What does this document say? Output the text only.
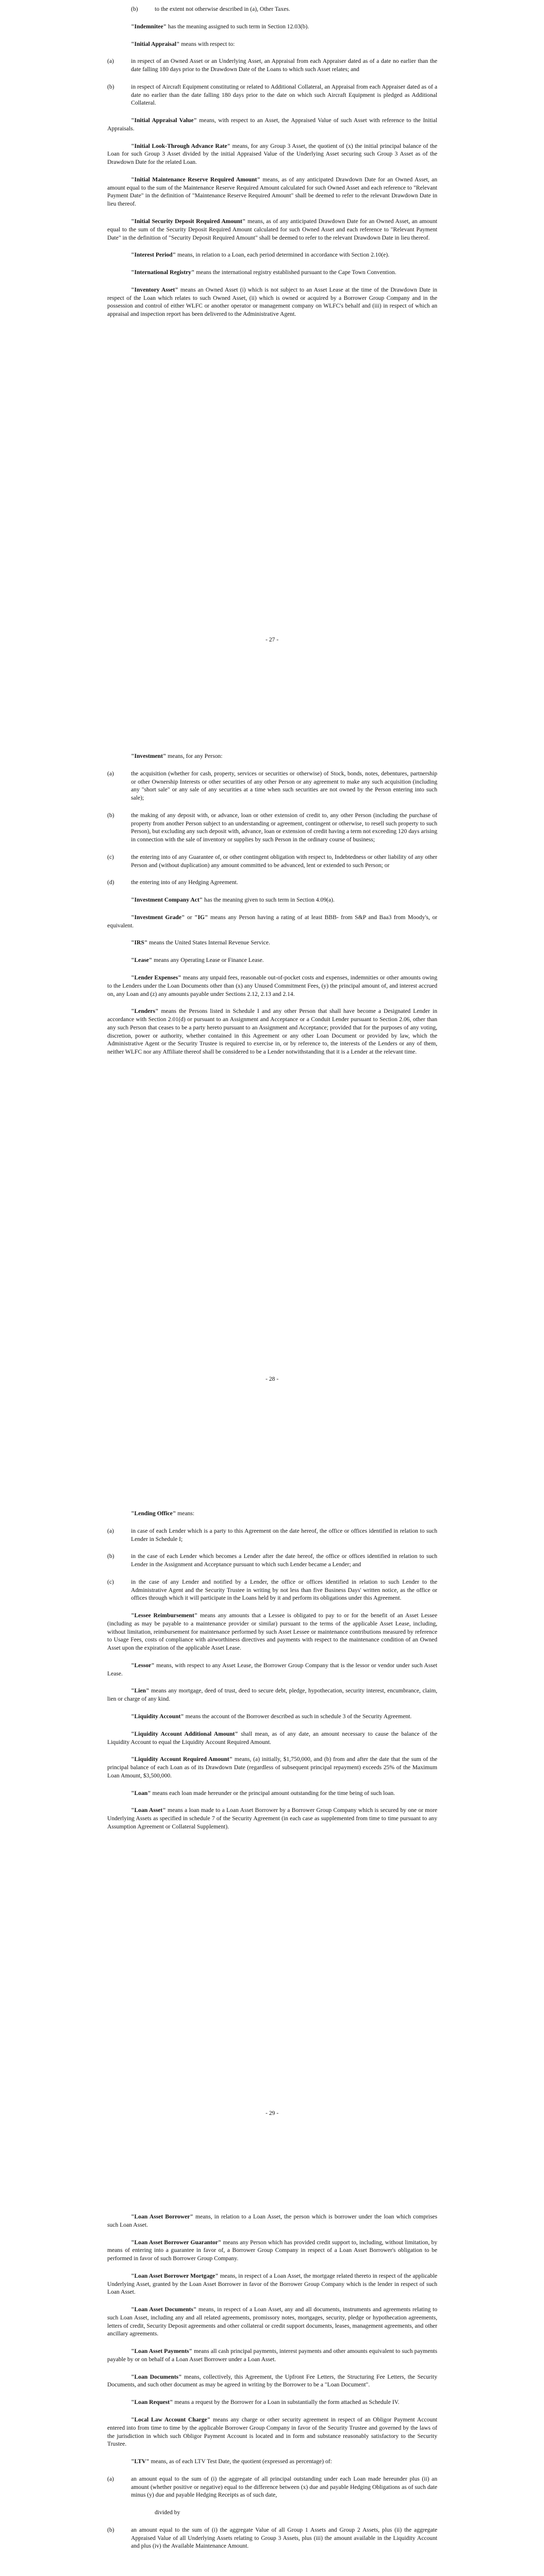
(b)	to the extent not otherwise described in (a), Other Taxes.

"Indemnitee" has the meaning assigned to such term in Section 12.03(b).

"Initial Appraisal" means with respect to:

(a)	in respect of an Owned Asset or an Underlying Asset, an Appraisal from each Appraiser dated as of a date no earlier than the date falling 180 days prior to the Drawdown Date of the Loans to which such Asset relates; and
(b)	in respect of Aircraft Equipment constituting or related to Additional Collateral, an Appraisal from each Appraiser dated as of a date no earlier than the date falling 180 days prior to the date on which such Aircraft Equipment is pledged as Additional Collateral.

"Initial Appraisal Value" means, with respect to an Asset, the Appraised Value of such Asset with reference to the Initial Appraisals.

"Initial Look-Through Advance Rate" means, for any Group 3 Asset, the quotient of (x) the initial principal balance of the Loan for such Group 3 Asset divided by the initial Appraised Value of the Underlying Asset securing such Group 3 Asset as of the Drawdown Date for the related Loan.

"Initial Maintenance Reserve Required Amount" means, as of any anticipated Drawdown Date for an Owned Asset, an amount equal to the sum of the Maintenance Reserve Required Amount calculated for such Owned Asset and each reference to "Relevant Payment Date" in the definition of "Maintenance Reserve Required Amount" shall be deemed to refer to the relevant Drawdown Date in lieu thereof.

"Initial Security Deposit Required Amount" means, as of any anticipated Drawdown Date for an Owned Asset, an amount equal to the sum of the Security Deposit Required Amount calculated for such Owned Asset and each reference to "Relevant Payment Date" in the definition of "Security Deposit Required Amount" shall be deemed to refer to the relevant Drawdown Date in lieu thereof.

"Interest Period" means, in relation to a Loan, each period determined in accordance with Section 2.10(e).

"International Registry" means the international registry established pursuant to the Cape Town Convention.

"Inventory Asset" means an Owned Asset (i) which is not subject to an Asset Lease at the time of the Drawdown Date in respect of the Loan which relates to such Owned Asset, (ii) which is owned or acquired by a Borrower Group Company and in the possession and control of either WLFC or another operator or management company on WLFC's behalf and (iii) in respect of which an appraisal and inspection report has been delivered to the Administrative Agent.

- 27 -

"Investment" means, for any Person:

(a)	the acquisition (whether for cash, property, services or securities or otherwise) of Stock, bonds, notes, debentures, partnership or other Ownership Interests or other securities of any other Person or any agreement to make any such acquisition (including any "short sale" or any sale of any securities at a time when such securities are not owned by the Person entering into such sale);
(b)	the making of any deposit with, or advance, loan or other extension of credit to, any other Person (including the purchase of property from another Person subject to an understanding or agreement, contingent or otherwise, to resell such property to such Person), but excluding any such deposit with, advance, loan or extension of credit having a term not exceeding 120 days arising in connection with the sale of inventory or supplies by such Person in the ordinary course of business;
(c)	the entering into of any Guarantee of, or other contingent obligation with respect to, Indebtedness or other liability of any other Person and (without duplication) any amount committed to be advanced, lent or extended to such Person; or
(d)	the entering into of any Hedging Agreement.

"Investment Company Act" has the meaning given to such term in Section 4.09(a).

"Investment Grade" or "IG" means any Person having a rating of at least BBB- from S&P and Baa3 from Moody's, or equivalent.

"IRS" means the United States Internal Revenue Service.

"Lease" means any Operating Lease or Finance Lease.

"Lender Expenses" means any unpaid fees, reasonable out-of-pocket costs and expenses, indemnities or other amounts owing to the Lenders under the Loan Documents other than (x) any Unused Commitment Fees, (y) the principal amount of, and interest accrued on, any Loan and (z) any amounts payable under Sections 2.12, 2.13 and 2.14.

"Lenders" means the Persons listed in Schedule I and any other Person that shall have become a Designated Lender in accordance with Section 2.01(d) or pursuant to an Assignment and Acceptance or a Conduit Lender pursuant to Section 2.06, other than any such Person that ceases to be a party hereto pursuant to an Assignment and Acceptance; provided that for the purposes of any voting, discretion, power or authority, whether contained in this Agreement or any other Loan Document or provided by law, which the Administrative Agent or the Security Trustee is required to exercise in, or by reference to, the interests of the Lenders or any of them, neither WLFC nor any Affiliate thereof shall be considered to be a Lender notwithstanding that it is a Lender at the relevant time.

- 28 -

"Lending Office" means:

(a)	in case of each Lender which is a party to this Agreement on the date hereof, the office or offices identified in relation to such Lender in Schedule I;
(b)	in the case of each Lender which becomes a Lender after the date hereof, the office or offices identified in relation to such Lender in the Assignment and Acceptance pursuant to which such Lender became a Lender; and
(c)	in the case of any Lender and notified by a Lender, the office or offices identified in relation to such Lender to the Administrative Agent and the Security Trustee in writing by not less than five Business Days' written notice, as the office or offices through which it will participate in the Loans held by it and perform its obligations under this Agreement.

"Lessee Reimbursement" means any amounts that a Lessee is obligated to pay to or for the benefit of an Asset Lessee (including as may be payable to a maintenance provider or similar) pursuant to the terms of the applicable Asset Lease, including, without limitation, reimbursement for maintenance performed by such Asset Lessee or maintenance contributions measured by reference to Usage Fees, costs of compliance with airworthiness directives and payments with respect to the maintenance condition of an Owned Asset upon the expiration of the applicable Asset Lease.

"Lessor" means, with respect to any Asset Lease, the Borrower Group Company that is the lessor or vendor under such Asset Lease.

"Lien" means any mortgage, deed of trust, deed to secure debt, pledge, hypothecation, security interest, encumbrance, claim, lien or charge of any kind.

"Liquidity Account" means the account of the Borrower described as such in schedule 3 of the Security Agreement.

"Liquidity Account Additional Amount" shall mean, as of any date, an amount necessary to cause the balance of the Liquidity Account to equal the Liquidity Account Required Amount.

"Liquidity Account Required Amount" means, (a) initially, $1,750,000, and (b) from and after the date that the sum of the principal balance of each Loan as of its Drawdown Date (regardless of subsequent principal repayment) exceeds 25% of the Maximum Loan Amount, $3,500,000.

"Loan" means each loan made hereunder or the principal amount outstanding for the time being of such loan.

"Loan Asset" means a loan made to a Loan Asset Borrower by a Borrower Group Company which is secured by one or more Underlying Assets as specified in schedule 7 of the Security Agreement (in each case as supplemented from time to time pursuant to any Assumption Agreement or Collateral Supplement).

- 29 -

"Loan Asset Borrower" means, in relation to a Loan Asset, the person which is borrower under the loan which comprises such Loan Asset.

"Loan Asset Borrower Guarantor" means any Person which has provided credit support to, including, without limitation, by means of entering into a guarantee in favor of, a Borrower Group Company in respect of a Loan Asset Borrower's obligation to be performed in favor of such Borrower Group Company.

"Loan Asset Borrower Mortgage" means, in respect of a Loan Asset, the mortgage related thereto in respect of the applicable Underlying Asset, granted by the Loan Asset Borrower in favor of the Borrower Group Company which is the lender in respect of such Loan Asset.

"Loan Asset Documents" means, in respect of a Loan Asset, any and all documents, instruments and agreements relating to such Loan Asset, including any and all related agreements, promissory notes, mortgages, security, pledge or hypothecation agreements, letters of credit, Security Deposit agreements and other collateral or credit support documents, leases, management agreements, and other ancillary agreements.

"Loan Asset Payments" means all cash principal payments, interest payments and other amounts equivalent to such payments payable by or on behalf of a Loan Asset Borrower under a Loan Asset.

"Loan Documents" means, collectively, this Agreement, the Upfront Fee Letters, the Structuring Fee Letters, the Security Documents, and such other document as may be agreed in writing by the Borrower to be a "Loan Document".

"Loan Request" means a request by the Borrower for a Loan in substantially the form attached as Schedule IV.

"Local Law Account Charge" means any charge or other security agreement in respect of an Obligor Payment Account entered into from time to time by the applicable Borrower Group Company in favor of the Security Trustee and governed by the laws of the jurisdiction in which such Obligor Payment Account is located and in form and substance reasonably satisfactory to the Security Trustee.

"LTV" means, as of each LTV Test Date, the quotient (expressed as percentage) of:

(a)	an amount equal to the sum of (i) the aggregate of all principal outstanding under each Loan made hereunder plus (ii) an amount (whether positive or negative) equal to the difference between (x) due and payable Hedging Obligations as of such date minus (y) due and payable Hedging Receipts as of such date,

divided by

(b)	an amount equal to the sum of (i) the aggregate Value of all Group 1 Assets and Group 2 Assets, plus (ii) the aggregate Appraised Value of all Underlying Assets relating to Group 3 Assets, plus (iii) the amount available in the Liquidity Account and plus (iv) the Available Maintenance Amount.
